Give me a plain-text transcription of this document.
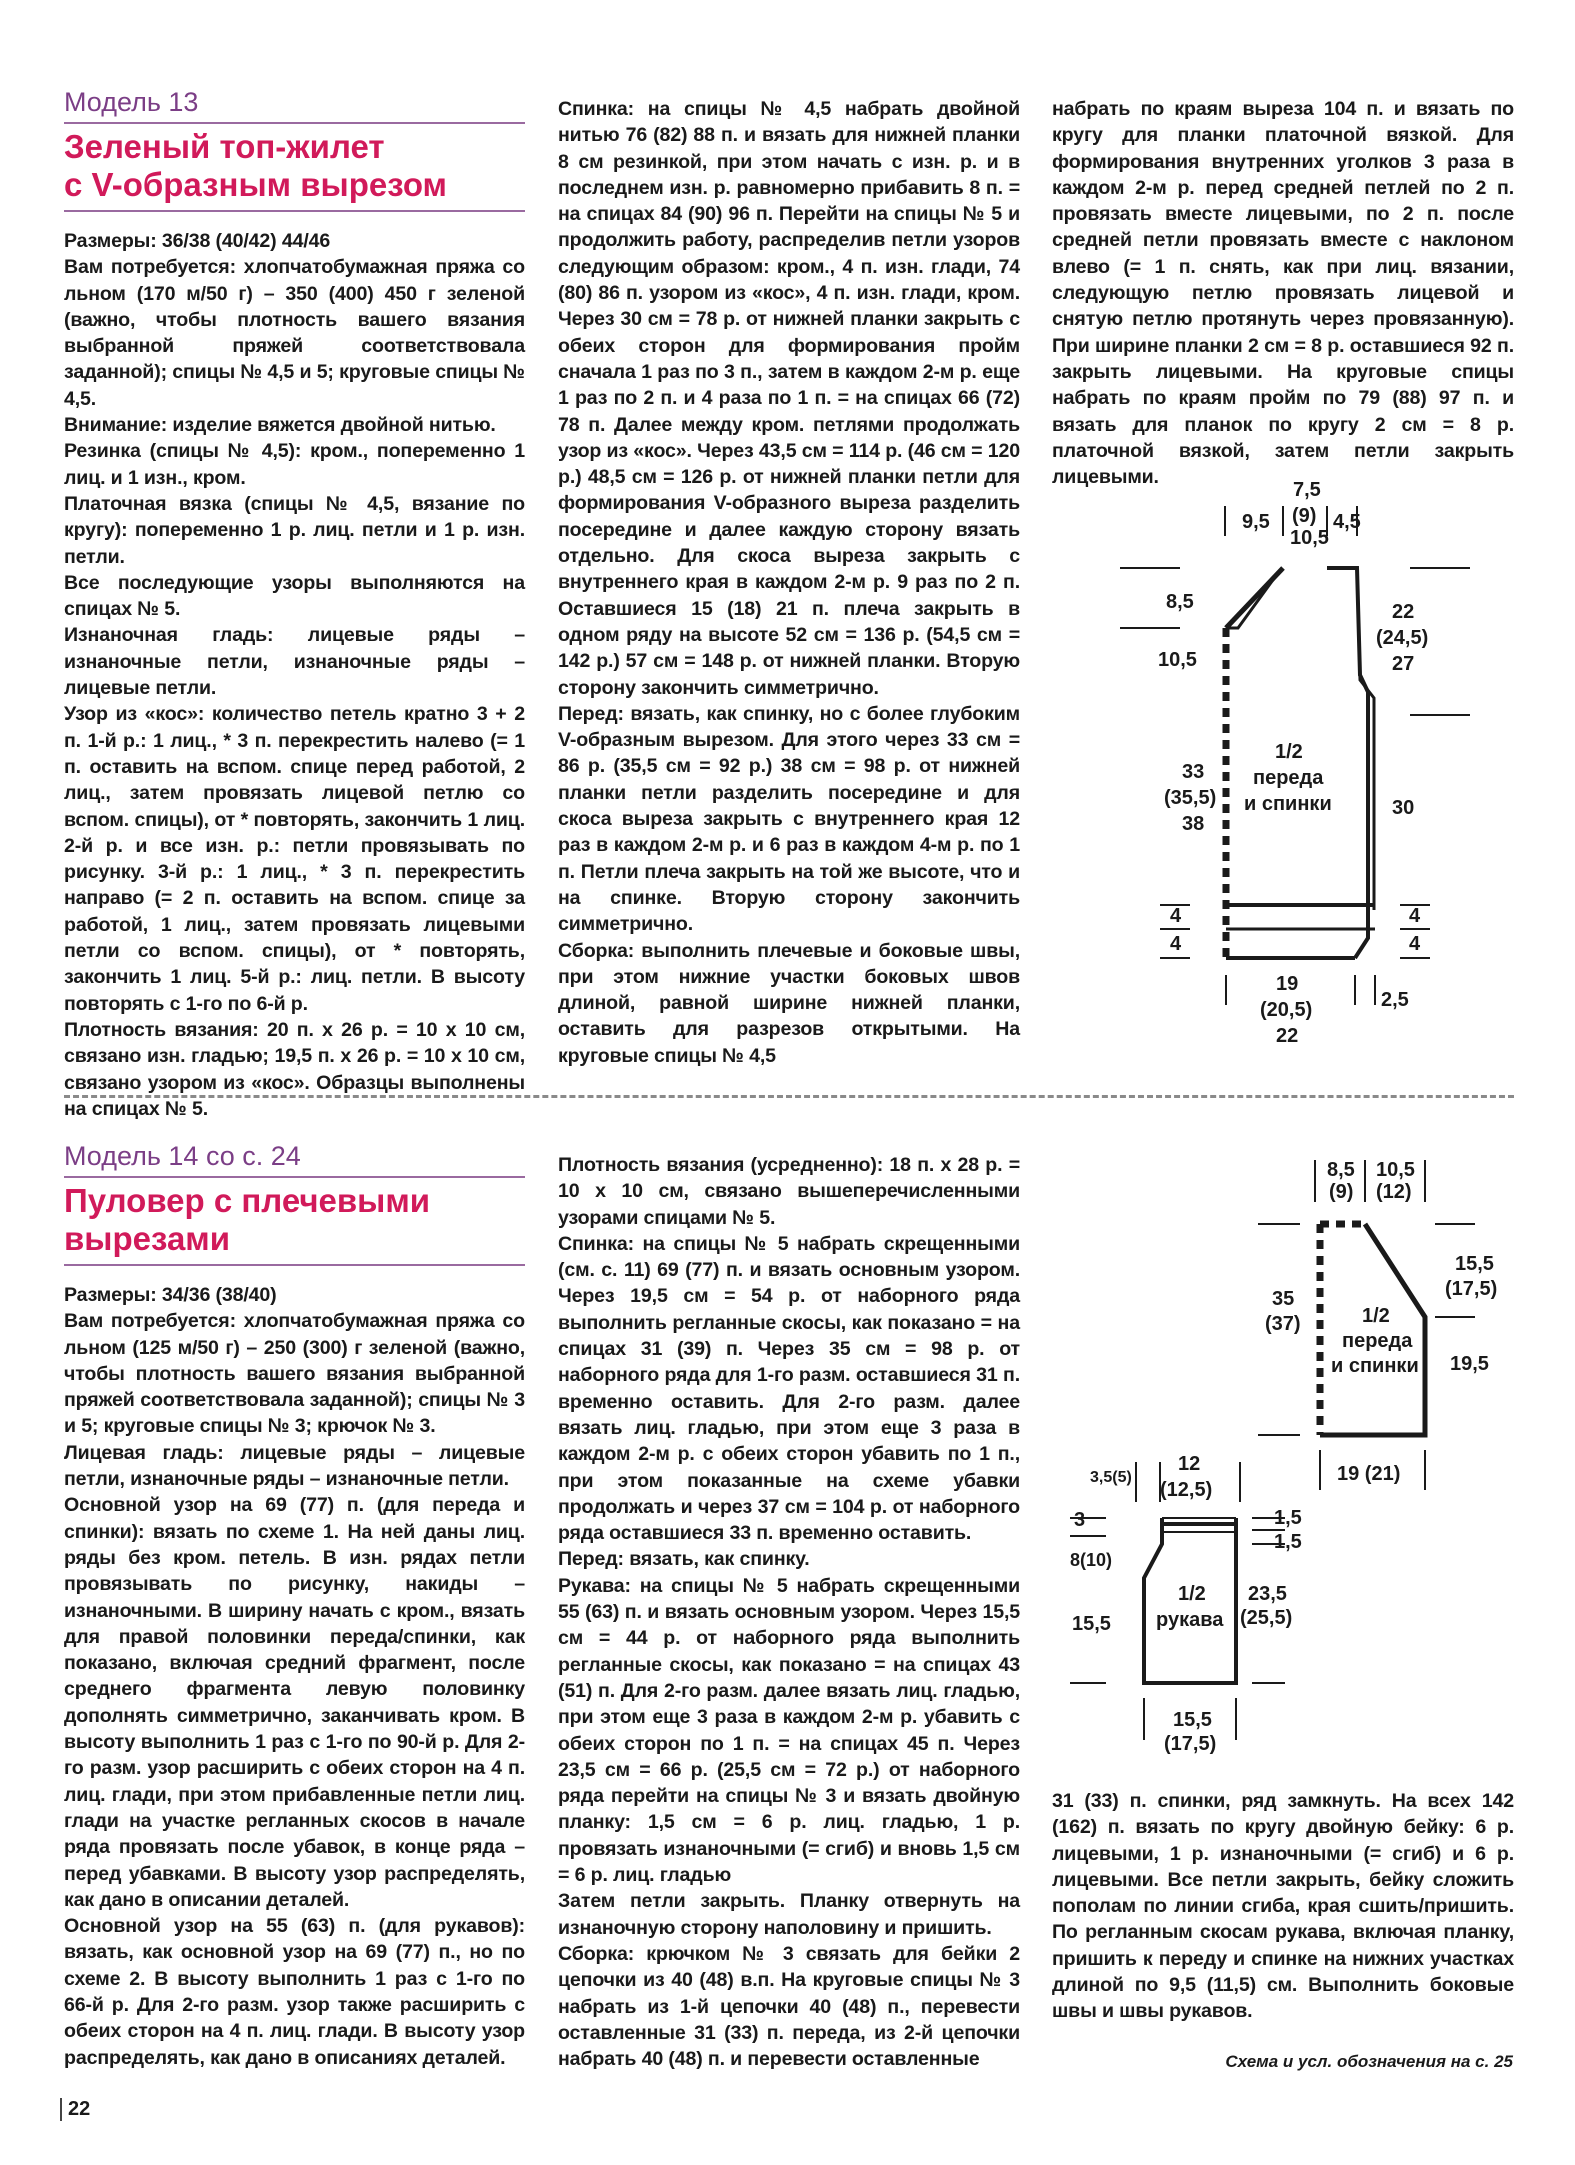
Модель 13
Зеленый топ-жилет
с V-образным вырезом

Размеры: 36/38 (40/42) 44/46

Вам потребуется: хлопчатобумажная пряжа со льном (170 м/50 г) – 350 (400) 450 г зеленой (важно, чтобы плотность вашего вязания выбранной пряжей соответствовала заданной); спицы № 4,5 и 5; круговые спицы № 4,5.

Внимание: изделие вяжется двойной нитью.

Резинка (спицы № 4,5): кром., попеременно 1 лиц. и 1 изн., кром.

Платочная вязка (спицы № 4,5, вязание по кругу): попеременно 1 р. лиц. петли и 1 р. изн. петли.

Все последующие узоры выполняются на спицах № 5.

Изнаночная гладь: лицевые ряды – изнаночные петли, изнаночные ряды – лицевые петли.

Узор из «кос»: количество петель кратно 3 + 2 п. 1-й р.: 1 лиц., * 3 п. перекрестить налево (= 1 п. оставить на вспом. спице перед работой, 2 лиц., затем провязать лицевой петлю со вспом. спицы), от * повторять, закончить 1 лиц. 2-й р. и все изн. р.: петли провязывать по рисунку. 3-й р.: 1 лиц., * 3 п. перекрестить направо (= 2 п. оставить на вспом. спице за работой, 1 лиц., затем провязать лицевыми петли со вспом. спицы), от * повторять, закончить 1 лиц. 5-й р.: лиц. петли. В высоту повторять с 1-го по 6-й р.

Плотность вязания: 20 п. х 26 р. = 10 х 10 см, связано изн. гладью; 19,5 п. х 26 р. = 10 х 10 см, связано узором из «кос». Образцы выполнены на спицах № 5.

Спинка: на спицы № 4,5 набрать двойной нитью 76 (82) 88 п. и вязать для нижней планки 8 см резинкой, при этом начать с изн. р. и в последнем изн. р. равномерно прибавить 8 п. = на спицах 84 (90) 96 п. Перейти на спицы № 5 и продолжить работу, распределив петли узоров следующим образом: кром., 4 п. изн. глади, 74 (80) 86 п. узором из «кос», 4 п. изн. глади, кром. Через 30 см = 78 р. от нижней планки закрыть с обеих сторон для формирования пройм сначала 1 раз по 3 п., затем в каждом 2-м р. еще 1 раз по 2 п. и 4 раза по 1 п. = на спицах 66 (72) 78 п. Далее между кром. петлями продолжать узор из «кос». Через 43,5 см = 114 р. (46 см = 120 р.) 48,5 см = 126 р. от нижней планки петли для формирования V-образного выреза разделить посередине и далее каждую сторону вязать отдельно. Для скоса выреза закрыть с внутреннего края в каждом 2-м р. 9 раз по 2 п. Оставшиеся 15 (18) 21 п. плеча закрыть в одном ряду на высоте 52 см = 136 р. (54,5 см = 142 р.) 57 см = 148 р. от нижней планки. Вторую сторону закончить симметрично.

Перед: вязать, как спинку, но с более глубоким V-образным вырезом. Для этого через 33 см = 86 р. (35,5 см = 92 р.) 38 см = 98 р. от нижней планки петли разделить посередине и для скоса выреза закрыть с внутреннего края 12 раз в каждом 2-м р. и 6 раз в каждом 4-м р. по 1 п. Петли плеча закрыть на той же высоте, что и на спинке. Вторую сторону закончить симметрично.

Сборка: выполнить плечевые и боковые швы, при этом нижние участки боковых швов длиной, равной ширине нижней планки, оставить для разрезов открытыми. На круговые спицы № 4,5

набрать по краям выреза 104 п. и вязать по кругу для планки платочной вязкой. Для формирования внутренних уголков 3 раза в каждом 2-м р. перед средней петлей по 2 п. провязать вместе лицевыми, по 2 п. после средней петли провязать вместе с наклоном влево (= 1 п. снять, как при лиц. вязании, следующую петлю провязать лицевой и снятую петлю протянуть через провязанную). При ширине планки 2 см = 8 р. оставшиеся 92 п. закрыть лицевыми. На круговые спицы набрать по краям пройм по 79 (88) 97 п. и вязать для планок по кругу 2 см = 8 р. платочной вязкой, затем петли закрыть лицевыми.

9,5
7,5
(9)
10,5
4,5
8,5
10,5
33
(35,5)
38
22
(24,5)
27
30
1/2
переда
и спинки
4
4
4
4
19
(20,5)
22
2,5
Модель 14 со с. 24
Пуловер с плечевыми
вырезами

Размеры: 34/36 (38/40)

Вам потребуется: хлопчатобумажная пряжа со льном (125 м/50 г) – 250 (300) г зеленой (важно, чтобы плотность вашего вязания выбранной пряжей соответствовала заданной); спицы № 3 и 5; круговые спицы № 3; крючок № 3.

Лицевая гладь: лицевые ряды – лицевые петли, изнаночные ряды – изнаночные петли.

Основной узор на 69 (77) п. (для переда и спинки): вязать по схеме 1. На ней даны лиц. ряды без кром. петель. В изн. рядах петли провязывать по рисунку, накиды – изнаночными. В ширину начать с кром., вязать для правой половинки переда/спинки, как показано, включая средний фрагмент, после среднего фрагмента левую половинку дополнять симметрично, заканчивать кром. В высоту выполнить 1 раз с 1-го по 90-й р. Для 2-го разм. узор расширить с обеих сторон на 4 п. лиц. глади, при этом прибавленные петли лиц. глади на участке регланных скосов в начале ряда провязать после убавок, в конце ряда – перед убавками. В высоту узор распределять, как дано в описании деталей.

Основной узор на 55 (63) п. (для рукавов): вязать, как основной узор на 69 (77) п., но по схеме 2. В высоту выполнить 1 раз с 1-го по 66-й р. Для 2-го разм. узор также расширить с обеих сторон на 4 п. лиц. глади. В высоту узор распределять, как дано в описаниях деталей.

Плотность вязания (усредненно): 18 п. х 28 р. = 10 х 10 см, связано вышеперечисленными узорами спицами № 5.

Спинка: на спицы № 5 набрать скрещенными (см. с. 11) 69 (77) п. и вязать основным узором. Через 19,5 см = 54 р. от наборного ряда выполнить регланные скосы, как показано = на спицах 31 (39) п. Через 35 см = 98 р. от наборного ряда для 1-го разм. оставшиеся 31 п. временно оставить. Для 2-го разм. далее вязать лиц. гладью, при этом еще 3 раза в каждом 2-м р. с обеих сторон убавить по 1 п., при этом показанные на схеме убавки продолжать и через 37 см = 104 р. от наборного ряда оставшиеся 33 п. временно оставить.

Перед: вязать, как спинку.

Рукава: на спицы № 5 набрать скрещенными 55 (63) п. и вязать основным узором. Через 15,5 см = 44 р. от наборного ряда выполнить регланные скосы, как показано = на спицах 43 (51) п. Для 2-го разм. далее вязать лиц. гладью, при этом еще 3 раза в каждом 2-м р. убавить с обеих сторон по 1 п. = на спицах 45 п. Через 23,5 см = 66 р. (25,5 см = 72 р.) от наборного ряда перейти на спицы № 3 и вязать двойную планку: 1,5 см = 6 р. лиц. гладью, 1 р. провязать изнаночными (= сгиб) и вновь 1,5 см = 6 р. лиц. гладью

Затем петли закрыть. Планку отвернуть на изнаночную сторону наполовину и пришить.

Сборка: крючком № 3 связать для бейки 2 цепочки из 40 (48) в.п. На круговые спицы № 3 набрать из 1-й цепочки 40 (48) п., перевести оставленные 31 (33) п. переда, из 2-й цепочки набрать 40 (48) п. и перевести оставленные

31 (33) п. спинки, ряд замкнуть. На всех 142 (162) п. вязать по кругу двойную бейку: 6 р. лицевыми, 1 р. изнаночными (= сгиб) и 6 р. лицевыми. Все петли закрыть, бейку сложить пополам по линии сгиба, края сшить/пришить. По регланным скосам рукава, включая планку, пришить к переду и спинке на нижних участках длиной по 9,5 (11,5) см. Выполнить боковые швы и швы рукавов.

8,5
(9)
10,5
(12)
35
(37)
15,5
(17,5)
19,5
1/2
переда
и спинки
19 (21)
3,5(5)
12
(12,5)
3
8(10)
15,5
1,5
1,5
23,5
(25,5)
1/2
рукава
15,5
(17,5)
Схема и усл. обозначения на с. 25
22
